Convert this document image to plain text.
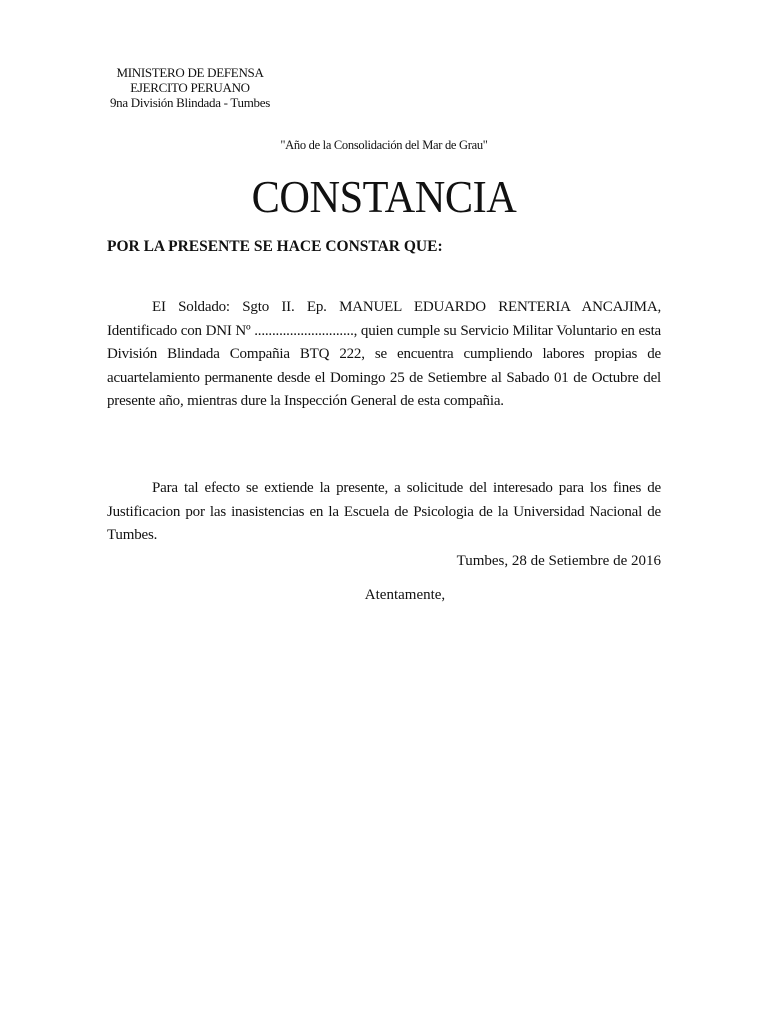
MINISTERO DE DEFENSA
EJERCITO PERUANO
9na División Blindada - Tumbes
"Año de la Consolidación del Mar de Grau"
CONSTANCIA
POR LA PRESENTE SE HACE CONSTAR QUE:
EI Soldado: Sgto II. Ep. MANUEL EDUARDO RENTERIA ANCAJIMA, Identificado con DNI Nº ............................, quien cumple su Servicio Militar Voluntario en esta División Blindada Compañia BTQ 222, se encuentra cumpliendo labores propias de acuartelamiento permanente desde el Domingo 25 de Setiembre al Sabado 01 de Octubre del presente año, mientras dure la Inspección General de esta compañia.
Para tal efecto se extiende la presente, a solicitude del interesado para los fines de Justificacion por las inasistencias en la Escuela de Psicologia de la Universidad Nacional de Tumbes.
Tumbes, 28 de Setiembre de 2016
Atentamente,
